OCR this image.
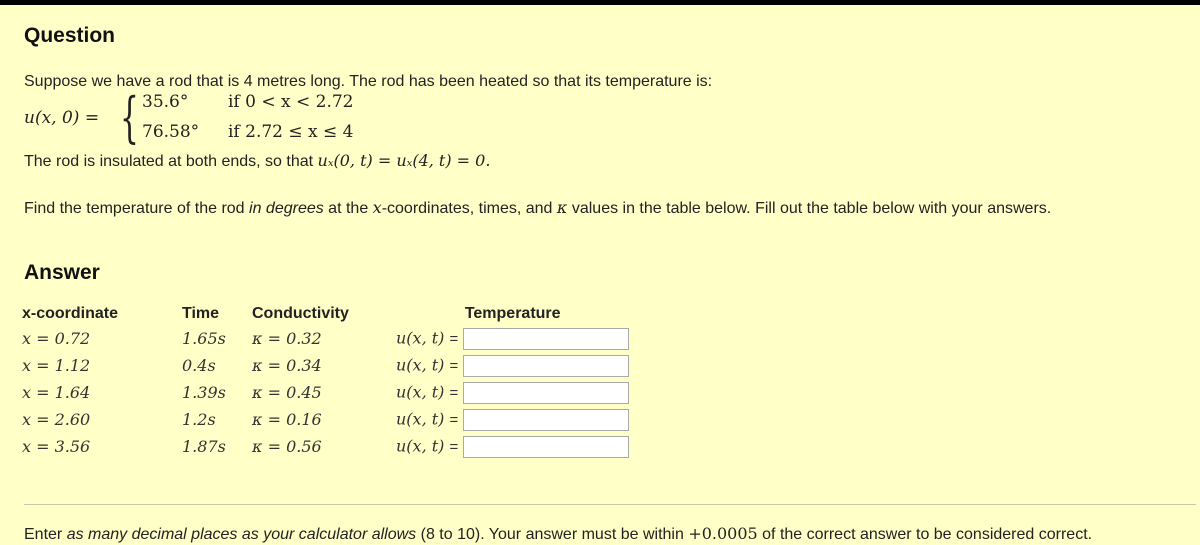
Question
Suppose we have a rod that is 4 metres long. The rod has been heated so that its temperature is:
u(x, 0) = { 35.6° if 0 < x < 2.72
76.58° if 2.72 ≤ x ≤ 4
The rod is insulated at both ends, so that uₓ(0, t) = uₓ(4, t) = 0.
Find the temperature of the rod in degrees at the x-coordinates, times, and κ values in the table below. Fill out the table below with your answers.
Answer
x-coordinate	Time	Conductivity	Temperature
x = 0.72	1.65s	κ = 0.32	u(x, t) =
x = 1.12	0.4s	κ = 0.34	u(x, t) =
x = 1.64	1.39s	κ = 0.45	u(x, t) =
x = 2.60	1.2s	κ = 0.16	u(x, t) =
x = 3.56	1.87s	κ = 0.56	u(x, t) =
Enter as many decimal places as your calculator allows (8 to 10). Your answer must be within +0.0005 of the correct answer to be considered correct.
